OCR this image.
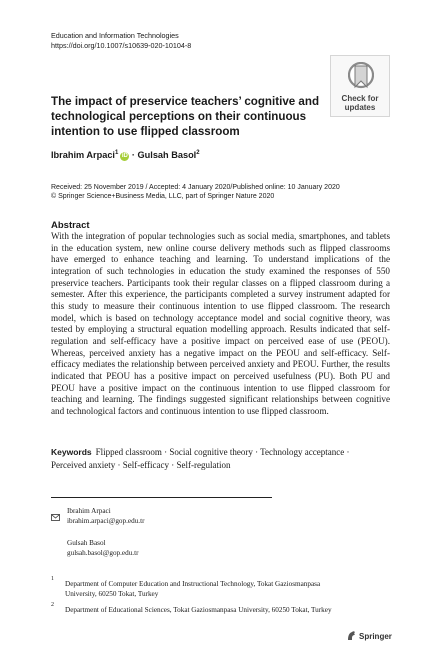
Education and Information Technologies
https://doi.org/10.1007/s10639-020-10104-8
Check for
updates
The impact of preservice teachers’ cognitive and technological perceptions on their continuous intention to use flipped classroom
Ibrahim Arpaci$^1$iD · Gulsah Basol$^2$
Received: 25 November 2019 / Accepted: 4 January 2020/Published online: 10 January 2020
© Springer Science+Business Media, LLC, part of Springer Nature 2020
Abstract
With the integration of popular technologies such as social media, smartphones, and tablets in the education system, new online course delivery methods such as flipped classrooms have emerged to enhance teaching and learning. To understand implications of the integration of such technologies in education the study examined the responses of 550 preservice teachers. Participants took their regular classes on a flipped classroom during a semester. After this experience, the participants completed a survey instrument adapted for this study to measure their continuous intention to use flipped classroom. The research model, which is based on technology acceptance model and social cognitive theory, was tested by employing a structural equation modelling approach. Results indicated that self-regulation and self-efficacy have a positive impact on perceived ease of use (PEOU). Whereas, perceived anxiety has a negative impact on the PEOU and self-efficacy. Self-efficacy mediates the relationship between perceived anxiety and PEOU. Further, the results indicated that PEOU has a positive impact on perceived usefulness (PU). Both PU and PEOU have a positive impact on the continuous intention to use flipped classroom for teaching and learning. The findings suggested significant relationships between cognitive and technological factors and continuous intention to use flipped classroom.
Keywords Flipped classroom · Social cognitive theory · Technology acceptance ·
Perceived anxiety · Self-efficacy · Self-regulation
Ibrahim Arpaci
ibrahim.arpaci@gop.edu.tr
Gulsah Basol
gulsah.basol@gop.edu.tr
1
Department of Computer Education and Instructional Technology, Tokat Gaziosmanpasa
University, 60250 Tokat, Turkey
2
Department of Educational Sciences, Tokat Gaziosmanpasa University, 60250 Tokat, Turkey
Springer
